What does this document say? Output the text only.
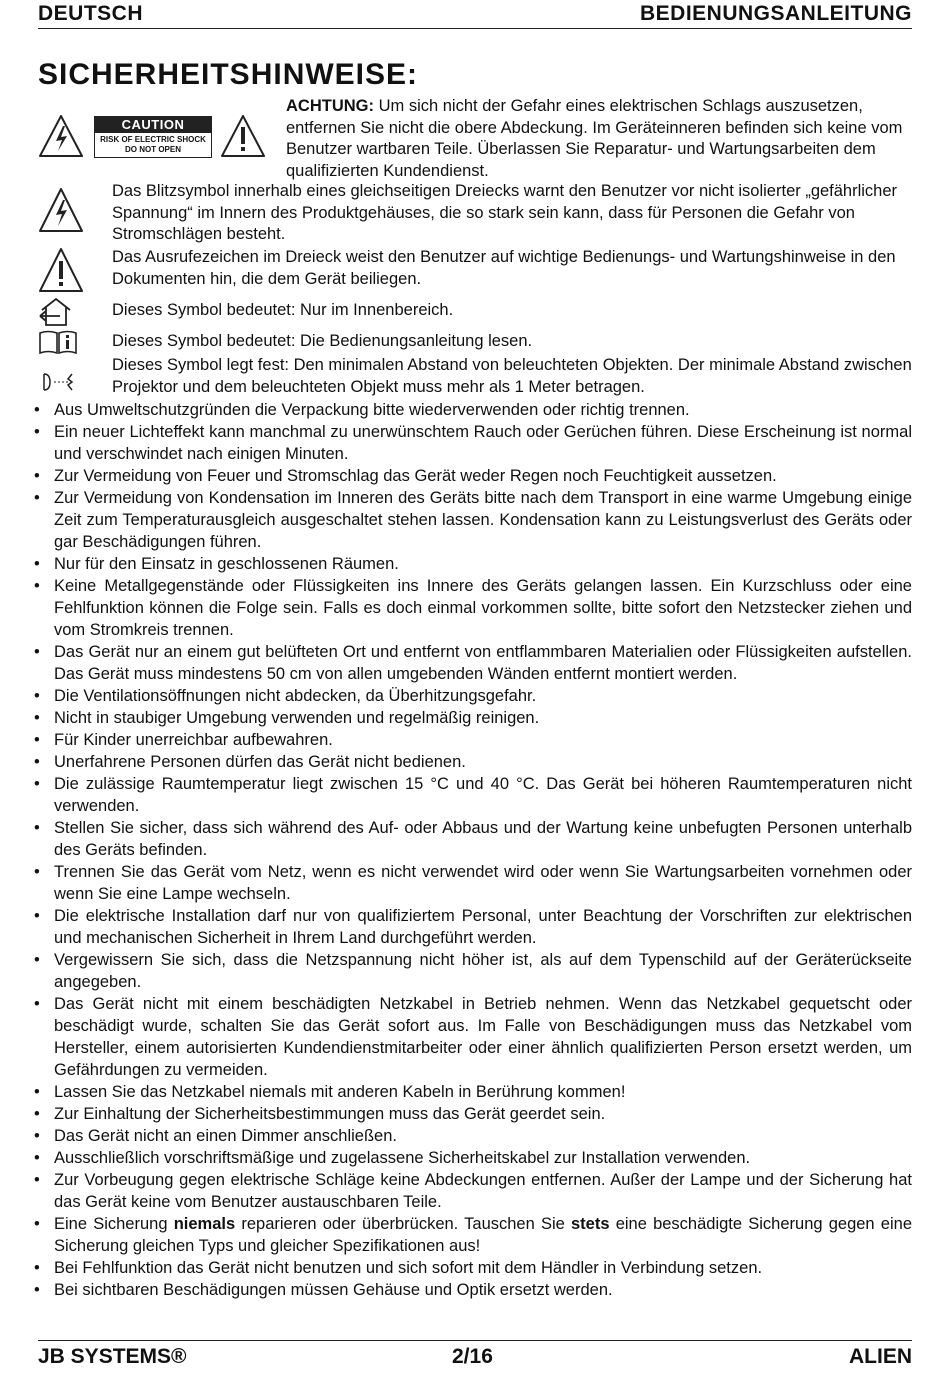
DEUTSCH	BEDIENUNGSANLEITUNG
SICHERHEITSHINWEISE:
CAUTION
RISK OF ELECTRIC SHOCK
DO NOT OPEN
ACHTUNG: Um sich nicht der Gefahr eines elektrischen Schlags auszusetzen, entfernen Sie nicht die obere Abdeckung. Im Geräteinneren befinden sich keine vom Benutzer wartbaren Teile. Überlassen Sie Reparatur- und Wartungsarbeiten dem qualifizierten Kundendienst.
Das Blitzsymbol innerhalb eines gleichseitigen Dreiecks warnt den Benutzer vor nicht isolierter „gefährlicher Spannung“ im Innern des Produktgehäuses, die so stark sein kann, dass für Personen die Gefahr von Stromschlägen besteht.
Das Ausrufezeichen im Dreieck weist den Benutzer auf wichtige Bedienungs- und Wartungshinweise in den Dokumenten hin, die dem Gerät beiliegen.
Dieses Symbol bedeutet: Nur im Innenbereich.
Dieses Symbol bedeutet: Die Bedienungsanleitung lesen.
Dieses Symbol legt fest: Den minimalen Abstand von beleuchteten Objekten. Der minimale Abstand zwischen Projektor und dem beleuchteten Objekt muss mehr als 1 Meter betragen.
• Aus Umweltschutzgründen die Verpackung bitte wiederverwenden oder richtig trennen.
• Ein neuer Lichteffekt kann manchmal zu unerwünschtem Rauch oder Gerüchen führen. Diese Erscheinung ist normal und verschwindet nach einigen Minuten.
• Zur Vermeidung von Feuer und Stromschlag das Gerät weder Regen noch Feuchtigkeit aussetzen.
• Zur Vermeidung von Kondensation im Inneren des Geräts bitte nach dem Transport in eine warme Umgebung einige Zeit zum Temperaturausgleich ausgeschaltet stehen lassen. Kondensation kann zu Leistungsverlust des Geräts oder gar Beschädigungen führen.
• Nur für den Einsatz in geschlossenen Räumen.
• Keine Metallgegenstände oder Flüssigkeiten ins Innere des Geräts gelangen lassen. Ein Kurzschluss oder eine Fehlfunktion können die Folge sein. Falls es doch einmal vorkommen sollte, bitte sofort den Netzstecker ziehen und vom Stromkreis trennen.
• Das Gerät nur an einem gut belüfteten Ort und entfernt von entflammbaren Materialien oder Flüssigkeiten aufstellen. Das Gerät muss mindestens 50 cm von allen umgebenden Wänden entfernt montiert werden.
• Die Ventilationsöffnungen nicht abdecken, da Überhitzungsgefahr.
• Nicht in staubiger Umgebung verwenden und regelmäßig reinigen.
• Für Kinder unerreichbar aufbewahren.
• Unerfahrene Personen dürfen das Gerät nicht bedienen.
• Die zulässige Raumtemperatur liegt zwischen 15 °C und 40 °C. Das Gerät bei höheren Raumtemperaturen nicht verwenden.
• Stellen Sie sicher, dass sich während des Auf- oder Abbaus und der Wartung keine unbefugten Personen unterhalb des Geräts befinden.
• Trennen Sie das Gerät vom Netz, wenn es nicht verwendet wird oder wenn Sie Wartungsarbeiten vornehmen oder wenn Sie eine Lampe wechseln.
• Die elektrische Installation darf nur von qualifiziertem Personal, unter Beachtung der Vorschriften zur elektrischen und mechanischen Sicherheit in Ihrem Land durchgeführt werden.
• Vergewissern Sie sich, dass die Netzspannung nicht höher ist, als auf dem Typenschild auf der Geräterückseite angegeben.
• Das Gerät nicht mit einem beschädigten Netzkabel in Betrieb nehmen. Wenn das Netzkabel gequetscht oder beschädigt wurde, schalten Sie das Gerät sofort aus. Im Falle von Beschädigungen muss das Netzkabel vom Hersteller, einem autorisierten Kundendienstmitarbeiter oder einer ähnlich qualifizierten Person ersetzt werden, um Gefährdungen zu vermeiden.
• Lassen Sie das Netzkabel niemals mit anderen Kabeln in Berührung kommen!
• Zur Einhaltung der Sicherheitsbestimmungen muss das Gerät geerdet sein.
• Das Gerät nicht an einen Dimmer anschließen.
• Ausschließlich vorschriftsmäßige und zugelassene Sicherheitskabel zur Installation verwenden.
• Zur Vorbeugung gegen elektrische Schläge keine Abdeckungen entfernen. Außer der Lampe und der Sicherung hat das Gerät keine vom Benutzer austauschbaren Teile.
• Eine Sicherung niemals reparieren oder überbrücken. Tauschen Sie stets eine beschädigte Sicherung gegen eine Sicherung gleichen Typs und gleicher Spezifikationen aus!
• Bei Fehlfunktion das Gerät nicht benutzen und sich sofort mit dem Händler in Verbindung setzen.
• Bei sichtbaren Beschädigungen müssen Gehäuse und Optik ersetzt werden.
JB SYSTEMS®	2/16	ALIEN
